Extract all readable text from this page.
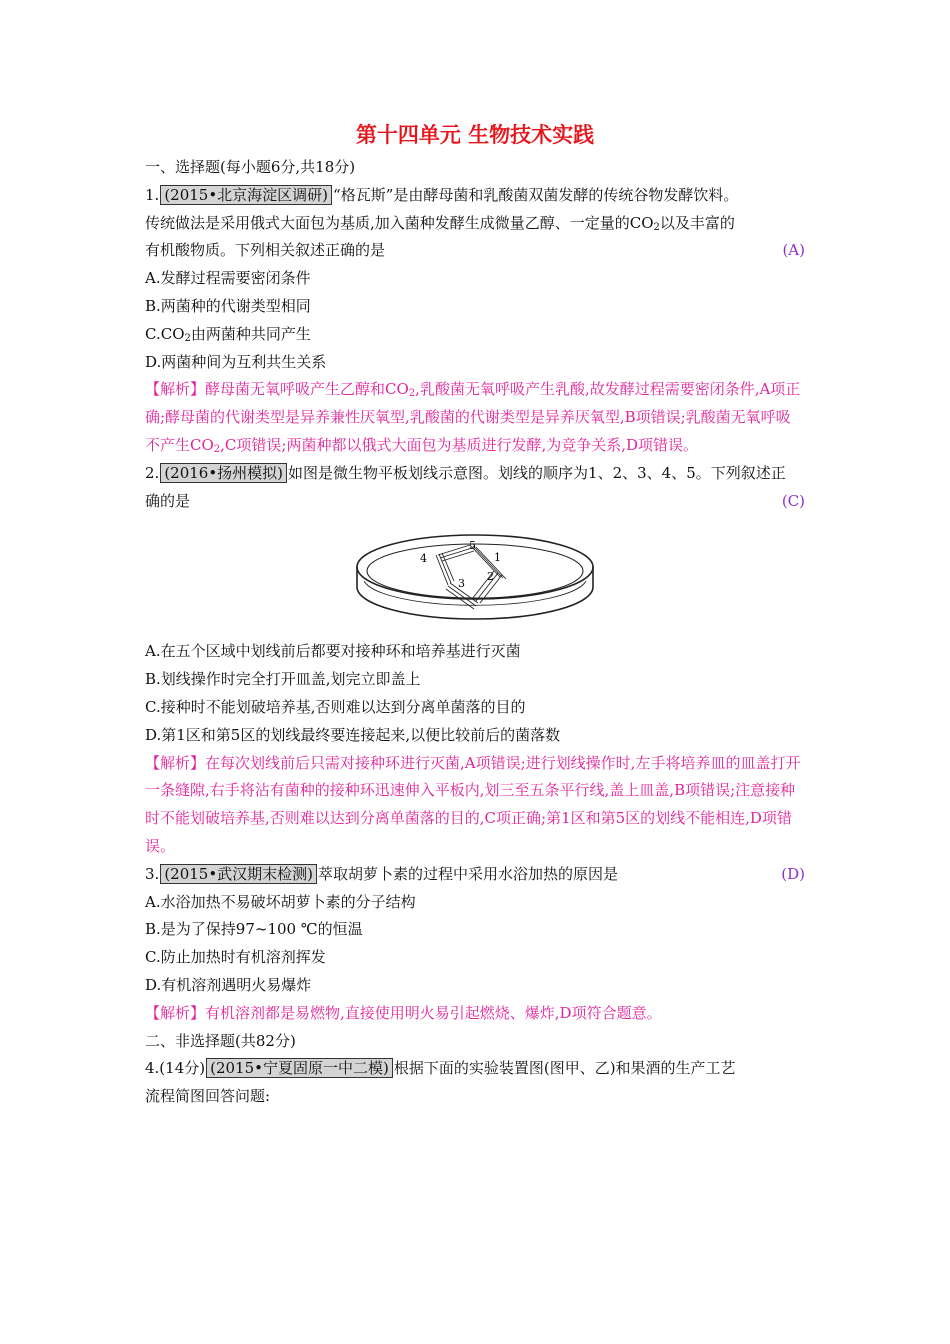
第十四单元 生物技术实践
一、选择题(每小题6分,共18分)
1. (2015•北京海淀区调研) “格瓦斯”是由酵母菌和乳酸菌双菌发酵的传统谷物发酵饮料。
传统做法是采用俄式大面包为基质,加入菌种发酵生成微量乙醇、一定量的$CO_2$以及丰富的
有机酸物质。下列相关叙述正确的是	(A)
A.发酵过程需要密闭条件
B.两菌种的代谢类型相同
$C.CO_2$由两菌种共同产生
D.两菌种间为互利共生关系
【解析】酵母菌无氧呼吸产生乙醇和$CO_2$,乳酸菌无氧呼吸产生乳酸,故发酵过程需要密闭条件,A项正确;酵母菌的代谢类型是异养兼性厌氧型,乳酸菌的代谢类型是异养厌氧型,B项错误;乳酸菌无氧呼吸不产生$CO_2,C$项错误;两菌种都以俄式大面包为基质进行发酵,为竞争关系,D项错误。
2. (2016•扬州模拟) 如图是微生物平板划线示意图。划线的顺序为1、2、3、4、5。下列叙述正
确的是	(C)
1
2
3
4
5
A.在五个区域中划线前后都要对接种环和培养基进行灭菌
B.划线操作时完全打开皿盖,划完立即盖上
C.接种时不能划破培养基,否则难以达到分离单菌落的目的
D.第1区和第5区的划线最终要连接起来,以便比较前后的菌落数
【解析】在每次划线前后只需对接种环进行灭菌,A项错误;进行划线操作时,左手将培养皿的皿盖打开一条缝隙,右手将沾有菌种的接种环迅速伸入平板内,划三至五条平行线,盖上皿盖,B项错误;注意接种时不能划破培养基,否则难以达到分离单菌落的目的,C项正确;第1区和第5区的划线不能相连,D项错误。
3. (2015•武汉期末检测) 萃取胡萝卜素的过程中采用水浴加热的原因是	(D)
A.水浴加热不易破坏胡萝卜素的分子结构
B.是为了保持97~100 ℃的恒温
C.防止加热时有机溶剂挥发
D.有机溶剂遇明火易爆炸
【解析】有机溶剂都是易燃物,直接使用明火易引起燃烧、爆炸,D项符合题意。
二、非选择题(共82分)
4.(14分) (2015•宁夏固原一中二模) 根据下面的实验装置图(图甲、乙)和果酒的生产工艺
流程简图回答问题:
